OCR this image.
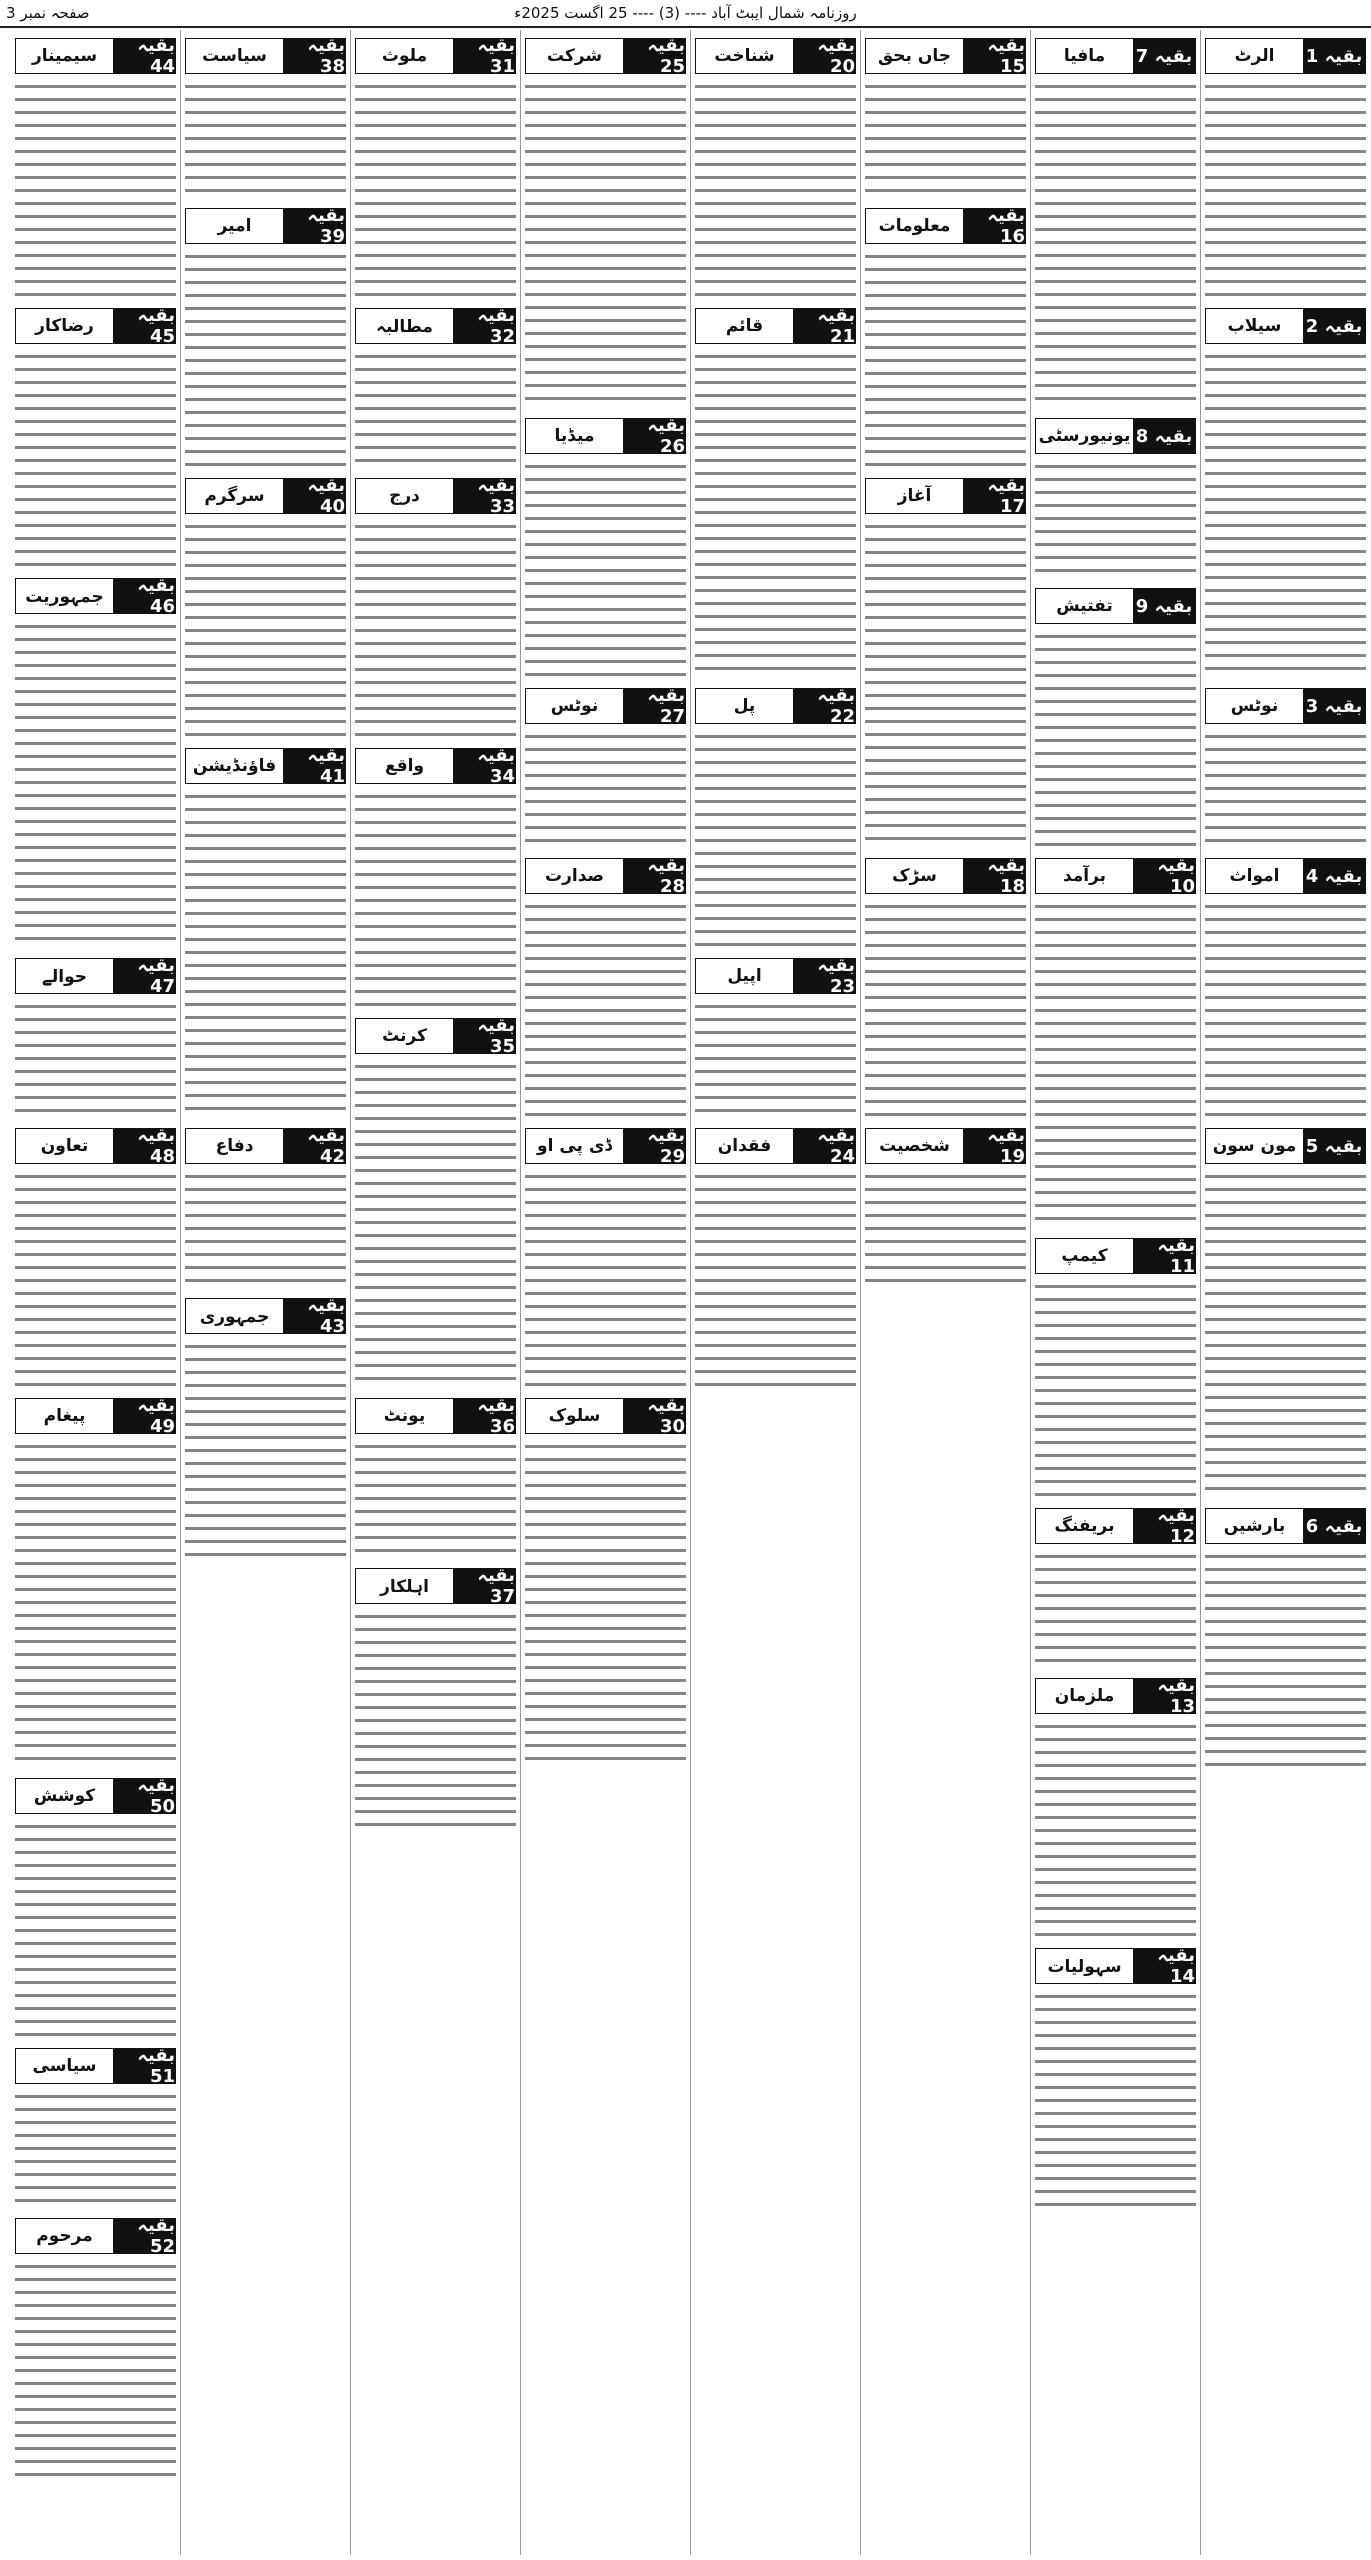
روزنامہ شمال ایبٹ آباد ---- (3) ---- 25 اگست 2025ء
صفحہ نمبر 3
بقیہ 1
الرٹ
بقیہ 2
سیلاب
بقیہ 3
نوٹس
بقیہ 4
امواث
بقیہ 5
مون سون
بقیہ 6
بارشیں
بقیہ 7
مافیا
بقیہ 8
یونیورسٹی
بقیہ 9
تفتیش
بقیہ 10
برآمد
بقیہ 11
کیمپ
بقیہ 12
بریفنگ
بقیہ 13
ملزمان
بقیہ 14
سہولیات
بقیہ 15
جاں بحق
بقیہ 16
معلومات
بقیہ 17
آغاز
بقیہ 18
سڑک
بقیہ 19
شخصیت
بقیہ 20
شناخت
بقیہ 21
قائم
بقیہ 22
پل
بقیہ 23
اپیل
بقیہ 24
فقدان
بقیہ 25
شرکت
بقیہ 26
میڈیا
بقیہ 27
نوٹس
بقیہ 28
صدارت
بقیہ 29
ڈی پی او
بقیہ 30
سلوک
بقیہ 31
ملوث
بقیہ 32
مطالبہ
بقیہ 33
درج
بقیہ 34
واقع
بقیہ 35
کرنٹ
بقیہ 36
یونٹ
بقیہ 37
اہلکار
بقیہ 38
سیاست
بقیہ 39
امیر
بقیہ 40
سرگرم
بقیہ 41
فاؤنڈیشن
بقیہ 42
دفاع
بقیہ 43
جمہوری
بقیہ 44
سیمینار
بقیہ 45
رضاکار
بقیہ 46
جمہوریت
بقیہ 47
حوالے
بقیہ 48
تعاون
بقیہ 49
پیغام
بقیہ 50
کوشش
بقیہ 51
سیاسی
بقیہ 52
مرحوم
